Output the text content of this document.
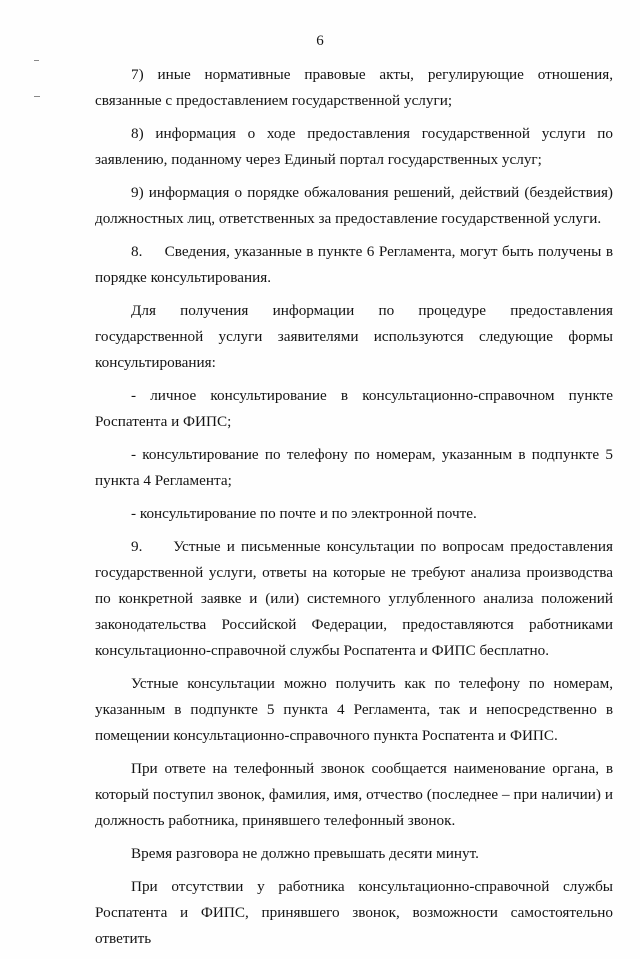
6

7) иные нормативные правовые акты, регулирующие отношения, связанные с предоставлением государственной услуги;

8) информация о ходе предоставления государственной услуги по заявлению, поданному через Единый портал государственных услуг;

9) информация о порядке обжалования решений, действий (бездействия) должностных лиц, ответственных за предоставление государственной услуги.

8.     Сведения, указанные в пункте 6 Регламента, могут быть получены в порядке консультирования.

Для получения информации по процедуре предоставления государственной услуги заявителями используются следующие формы консультирования:

- личное консультирование в консультационно-справочном пункте Роспатента и ФИПС;

- консультирование по телефону по номерам, указанным в подпункте 5 пункта 4 Регламента;

- консультирование по почте и по электронной почте.

9.     Устные и письменные консультации по вопросам предоставления государственной услуги, ответы на которые не требуют анализа производства по конкретной заявке и (или) системного углубленного анализа положений законодательства Российской Федерации, предоставляются работниками консультационно-справочной службы Роспатента и ФИПС бесплатно.

Устные консультации можно получить как по телефону по номерам, указанным в подпункте 5 пункта 4 Регламента, так и непосредственно в помещении консультационно-справочного пункта Роспатента и ФИПС.

При ответе на телефонный звонок сообщается наименование органа, в который поступил звонок, фамилия, имя, отчество (последнее – при наличии) и должность работника, принявшего телефонный звонок.

Время разговора не должно превышать десяти минут.

При отсутствии у работника консультационно-справочной службы Роспатента и ФИПС, принявшего звонок, возможности самостоятельно ответить
